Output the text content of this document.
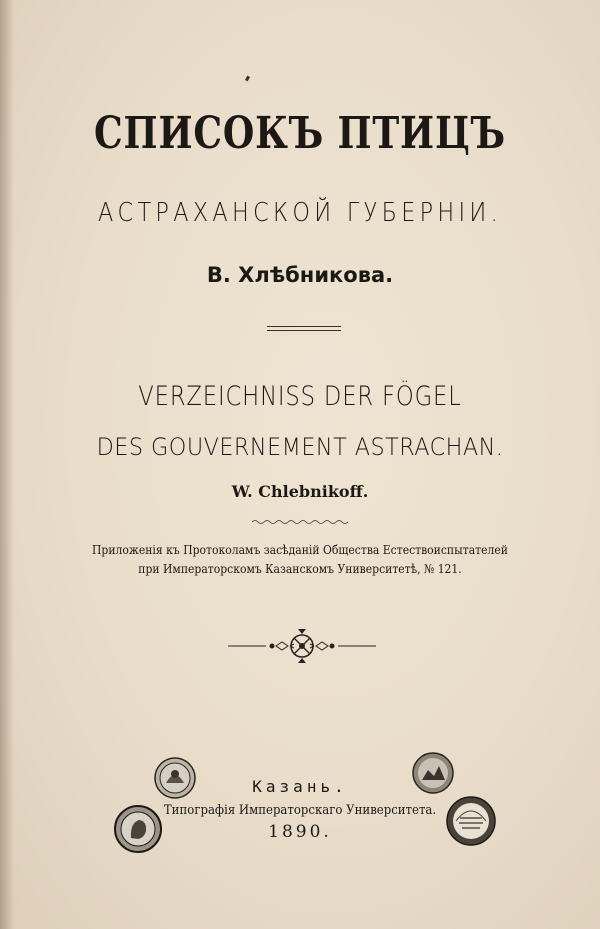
СПИСОКЪ ПТИЦЪ
АСТРАХАНСКОЙ ГУБЕРНІИ.
В. Хлѣбникова.
VERZEICHNISS DER FÖGEL
DES GOUVERNEMENT ASTRACHAN.
W. Chlebnikoff.
Приложенія къ Протоколамъ засѣданій Общества Естествоиспытателей
при Императорскомъ Казанскомъ Университетѣ, № 121.
Казань.
Типографія Императорскаго Университета.
1890.
